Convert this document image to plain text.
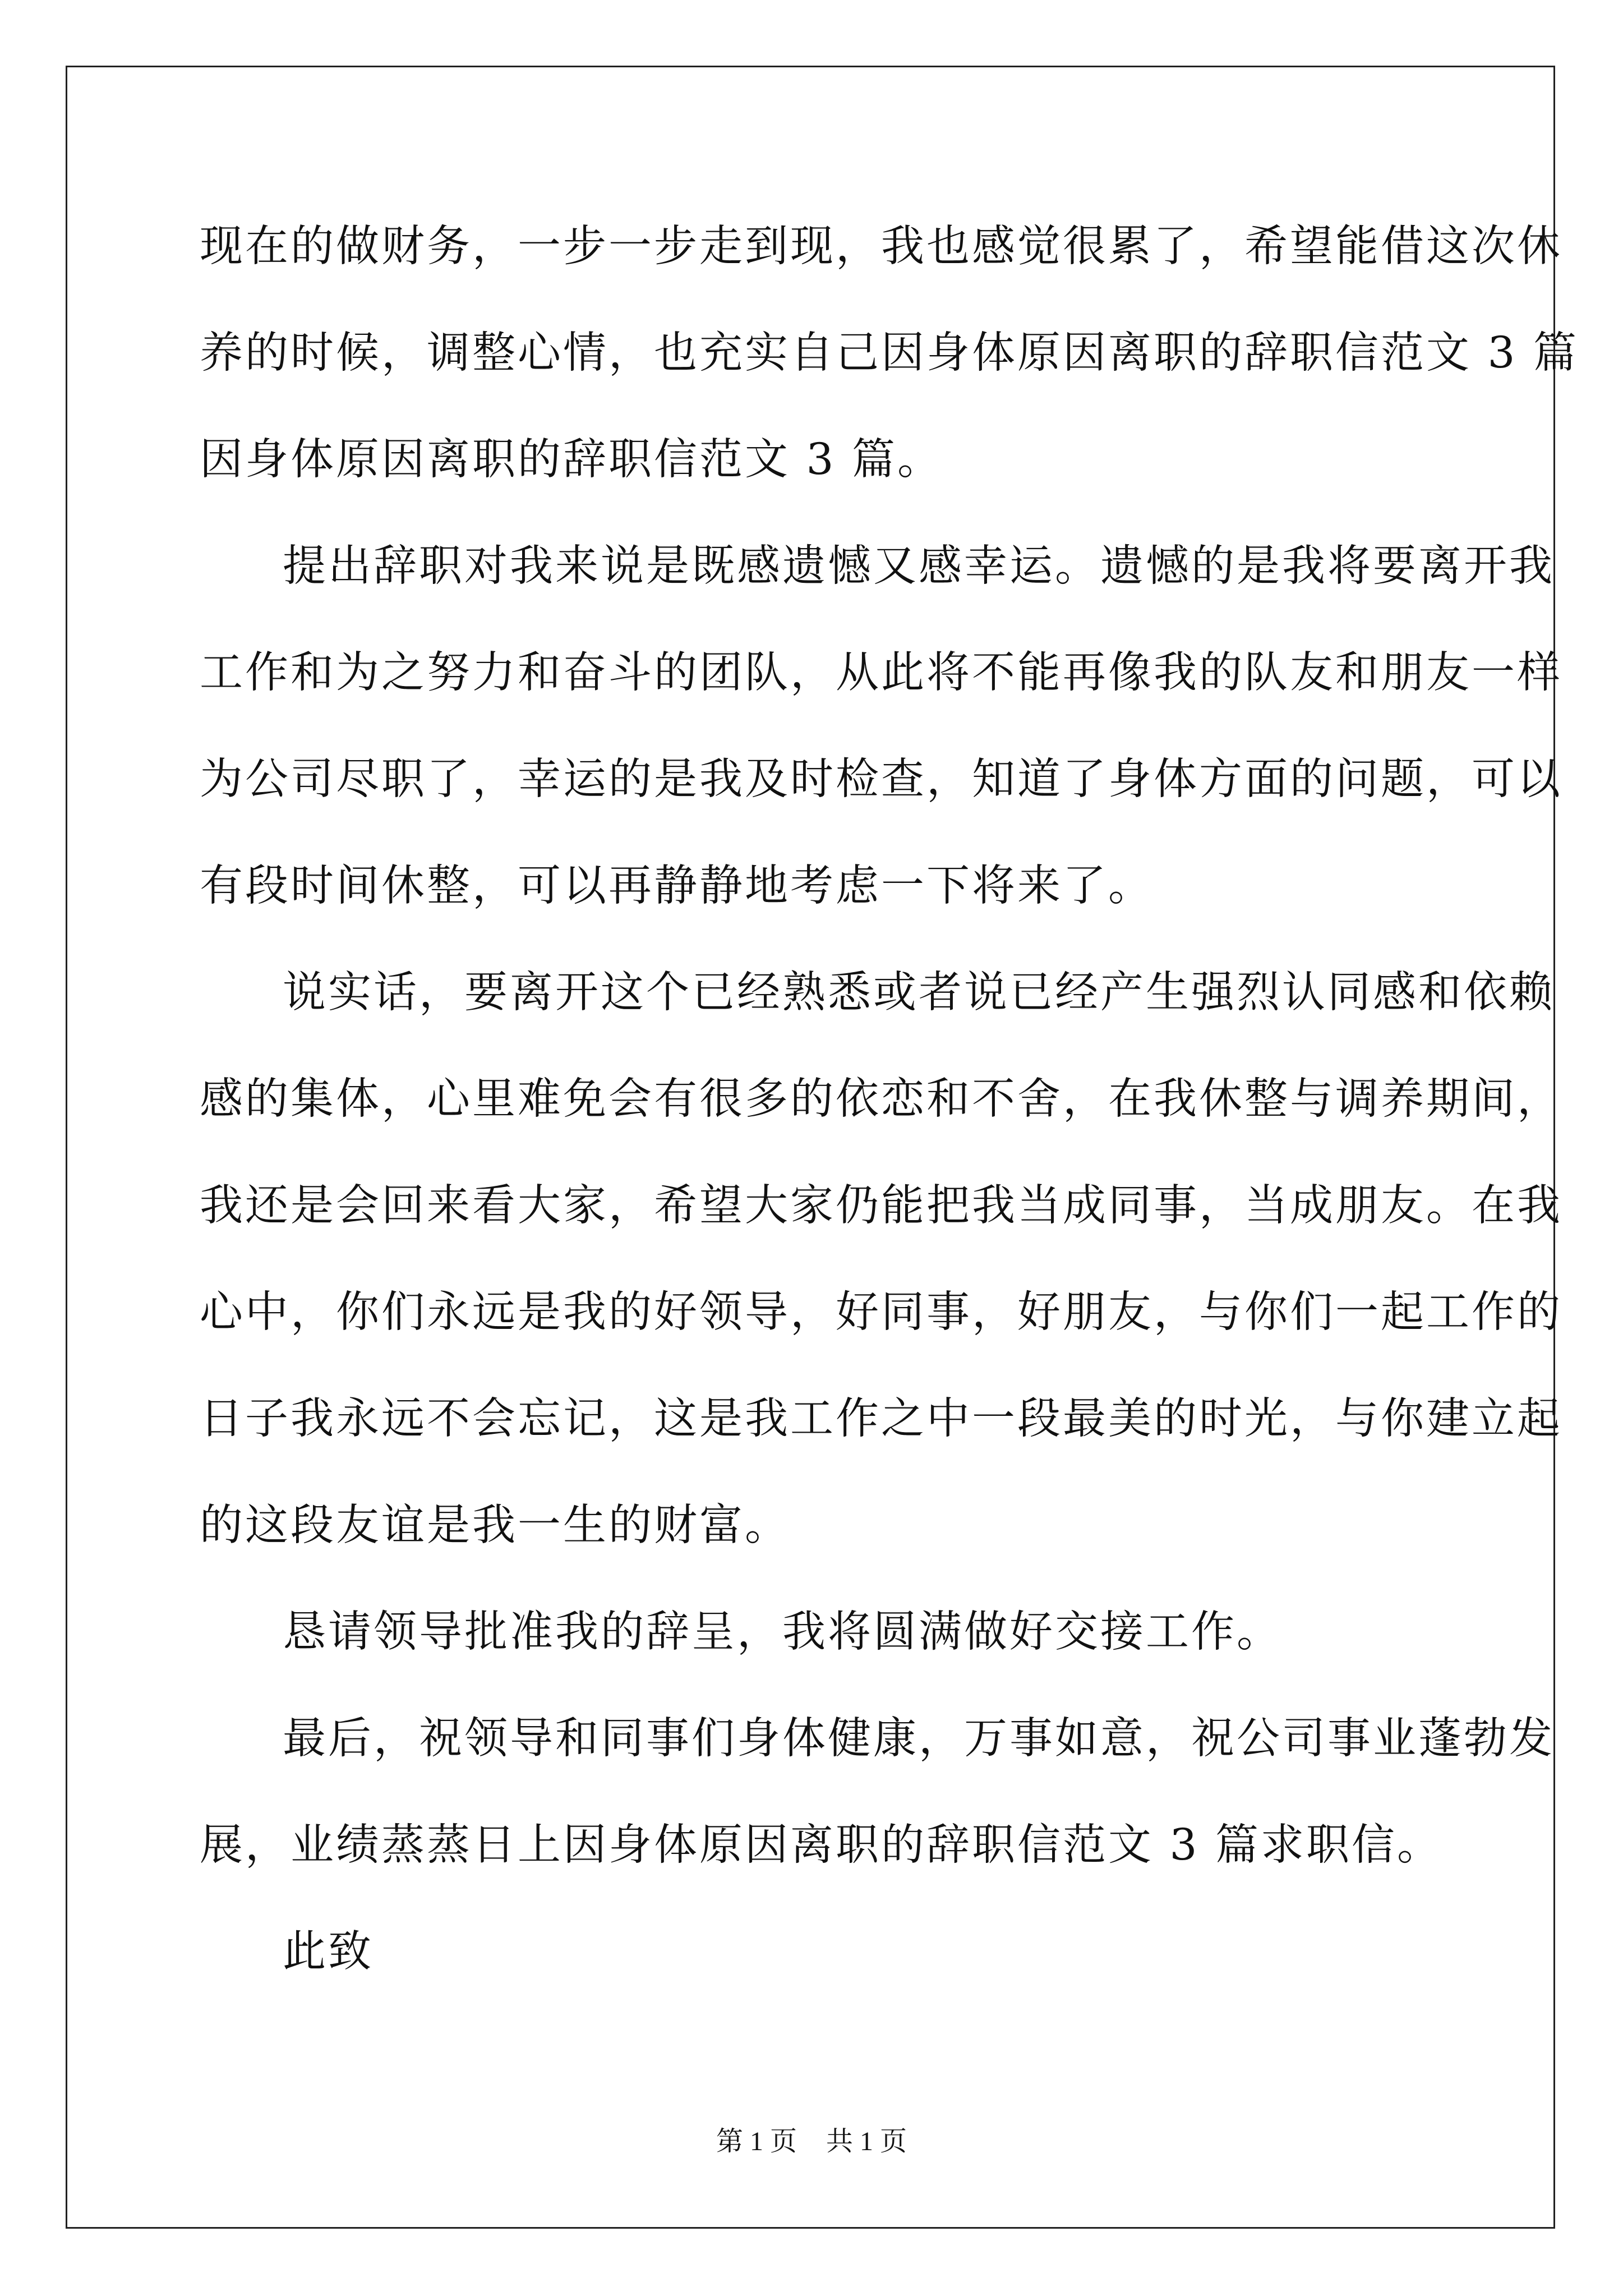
现在的做财务，一步一步走到现，我也感觉很累了，希望能借这次休
养的时候，调整心情，也充实自己因身体原因离职的辞职信范文 3 篇
因身体原因离职的辞职信范文 3 篇。
提出辞职对我来说是既感遗憾又感幸运。遗憾的是我将要离开我
工作和为之努力和奋斗的团队，从此将不能再像我的队友和朋友一样
为公司尽职了，幸运的是我及时检查，知道了身体方面的问题，可以
有段时间休整，可以再静静地考虑一下将来了。
说实话，要离开这个已经熟悉或者说已经产生强烈认同感和依赖
感的集体，心里难免会有很多的依恋和不舍，在我休整与调养期间，
我还是会回来看大家，希望大家仍能把我当成同事，当成朋友。在我
心中，你们永远是我的好领导，好同事，好朋友，与你们一起工作的
日子我永远不会忘记，这是我工作之中一段最美的时光，与你建立起
的这段友谊是我一生的财富。
恳请领导批准我的辞呈，我将圆满做好交接工作。
最后，祝领导和同事们身体健康，万事如意，祝公司事业蓬勃发
展，业绩蒸蒸日上因身体原因离职的辞职信范文 3 篇求职信。
此致
第 1 页 共 1 页
